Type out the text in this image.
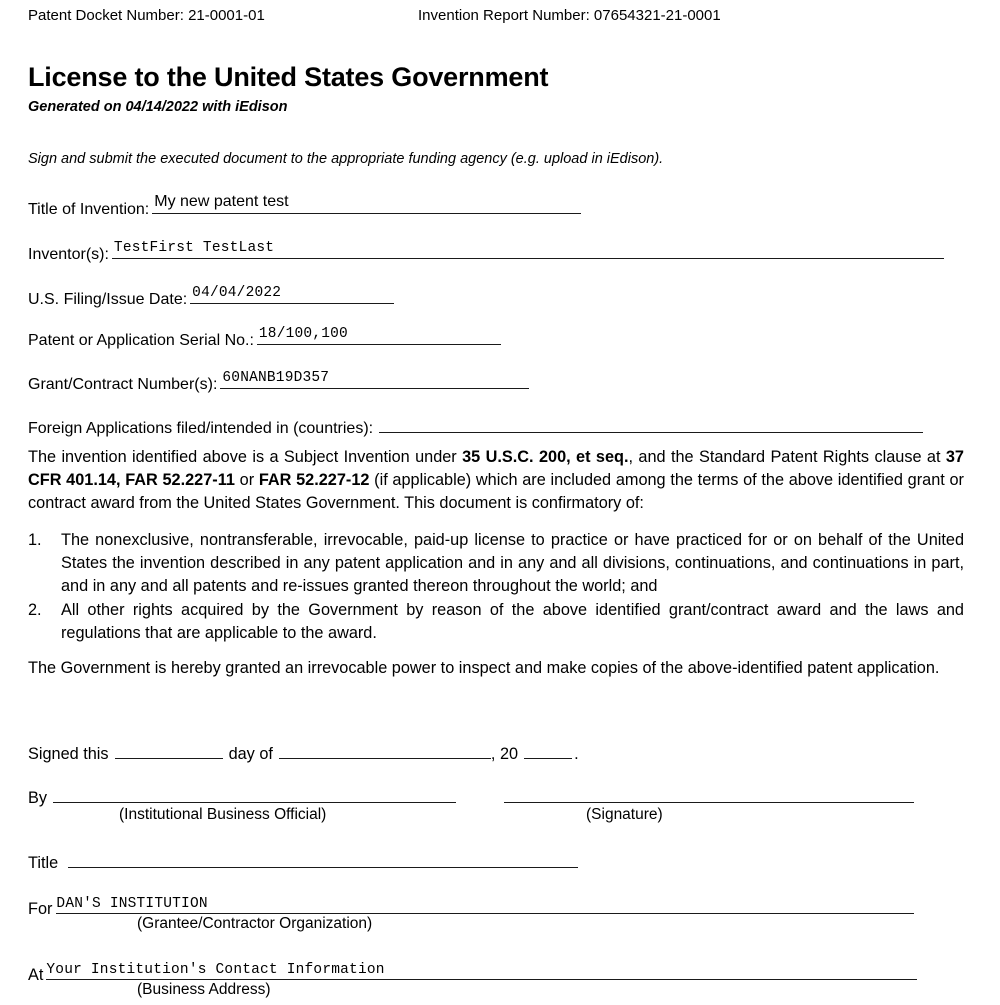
Patent Docket Number: 21-0001-01	Invention Report Number: 07654321-21-0001
License to the United States Government
Generated on 04/14/2022 with iEdison
Sign and submit the executed document to the appropriate funding agency (e.g. upload in iEdison).
Title of Invention: My new patent test
Inventor(s): TestFirst TestLast
U.S. Filing/Issue Date: 04/04/2022
Patent or Application Serial No.: 18/100,100
Grant/Contract Number(s): 60NANB19D357
Foreign Applications filed/intended in (countries):
The invention identified above is a Subject Invention under 35 U.S.C. 200, et seq., and the Standard Patent Rights clause at 37 CFR 401.14, FAR 52.227-11 or FAR 52.227-12 (if applicable) which are included among the terms of the above identified grant or contract award from the United States Government. This document is confirmatory of:
1. The nonexclusive, nontransferable, irrevocable, paid-up license to practice or have practiced for or on behalf of the United States the invention described in any patent application and in any and all divisions, continuations, and continuations in part, and in any and all patents and re-issues granted thereon throughout the world; and
2. All other rights acquired by the Government by reason of the above identified grant/contract award and the laws and regulations that are applicable to the award.
The Government is hereby granted an irrevocable power to inspect and make copies of the above-identified patent application.
Signed this	day of	, 20	.
By
(Institutional Business Official)	(Signature)
Title
For DAN'S INSTITUTION
(Grantee/Contractor Organization)
At Your Institution's Contact Information
(Business Address)
